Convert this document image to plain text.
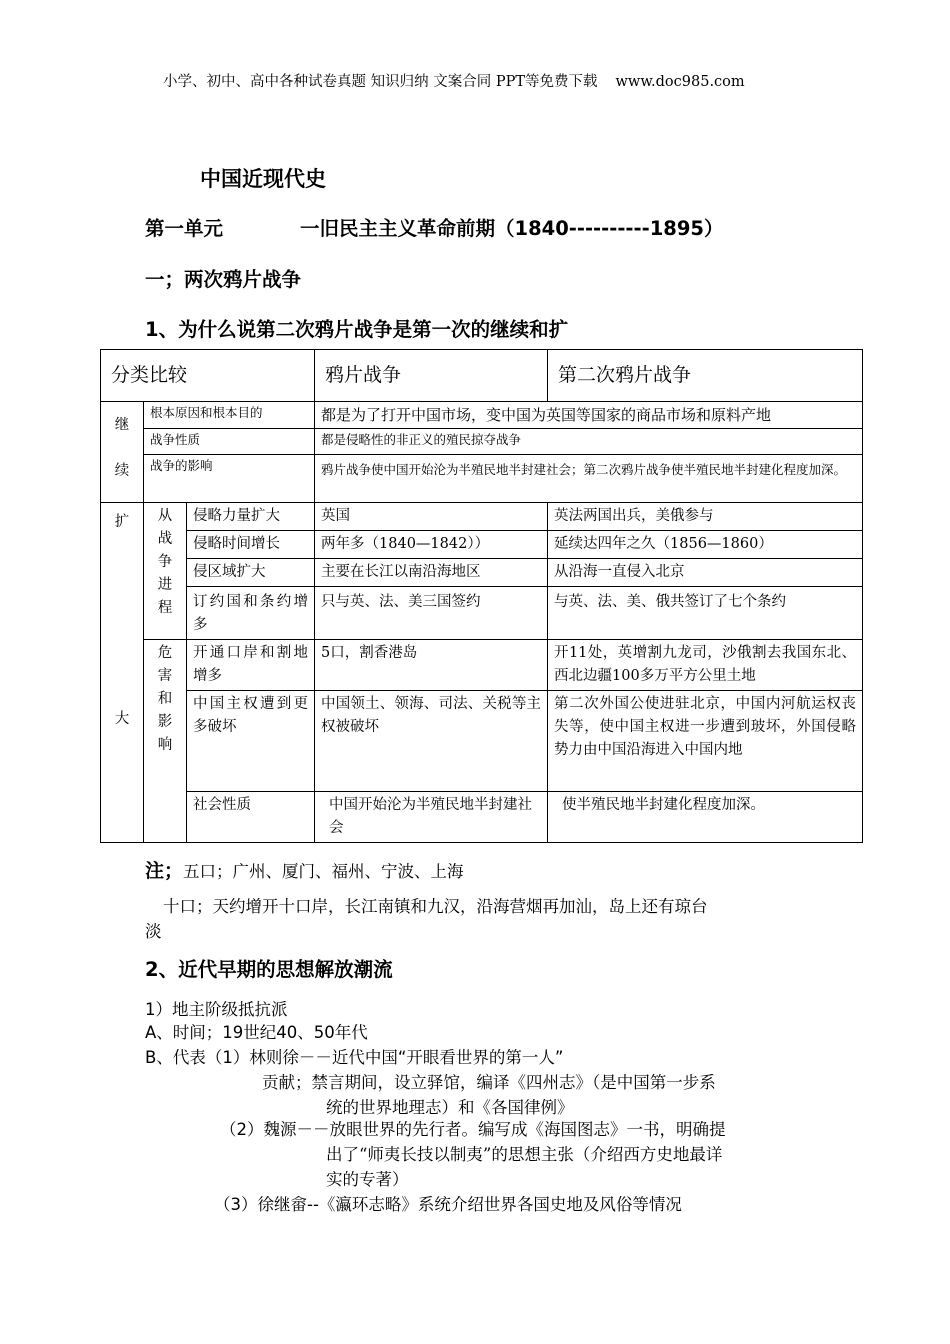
小学、初中、高中各种试卷真题 知识归纳 文案合同 PPT等免费下载 www.doc985.com
中国近现代史
第一单元	一旧民主主义革命前期（1840----------1895）
一；两次鸦片战争
1、为什么说第二次鸦片战争是第一次的继续和扩
分类比较			鸦片战争	第二次鸦片战争

继
续	根本原因和根本目的		都是为了打开中国市场，变中国为英国等国家的商品市场和原料产地	
	战争性质		都是侵略性的非正义的殖民掠夺战争	
	战争的影响		鸦片战争使中国开始沦为半殖民地半封建社会；第二次鸦片战争使半殖民地半封建化程度加深。	

扩
大	从
战
争
进
程	侵略力量扩大	英国	英法两国出兵，美俄参与
		侵略时间增长	两年多（1840—1842））	延续达四年之久（1856—1860）
		侵区域扩大	主要在长江以南沿海地区	从沿海一直侵入北京
		订约国和条约增多	只与英、法、美三国签约	与英、法、美、俄共签订了七个条约

	危
害
和
影
响	开通口岸和割地增多	5口，割香港岛	开11处，英增割九龙司，沙俄割去我国东北、西北边疆100多万平方公里土地
		中国主权遭到更多破坏	中国领土、领海、司法、关税等主权被破坏	第二次外国公使进驻北京，中国内河航运权丧失等，使中国主权进一步遭到玻坏，外国侵略势力由中国沿海进入中国内地
		社会性质	中国开始沦为半殖民地半封建社会	使半殖民地半封建化程度加深。
注；五口；广州、厦门、福州、宁波、上海
十口；天约增开十口岸，长江南镇和九汉，沿海营烟再加汕，岛上还有琼台
淡
2、近代早期的思想解放潮流
1）地主阶级抵抗派
A、时间；19世纪40、50年代
B、代表（1）林则徐－－近代中国“开眼看世界的第一人”
贡献；禁言期间，设立驿馆，编译《四州志》（是中国第一步系
统的世界地理志）和《各国律例》
（2）魏源－－放眼世界的先行者。编写成《海国图志》一书，明确提
出了“师夷长技以制夷”的思想主张（介绍西方史地最详
实的专著）
（3）徐继畲--《瀛环志略》系统介绍世界各国史地及风俗等情况
